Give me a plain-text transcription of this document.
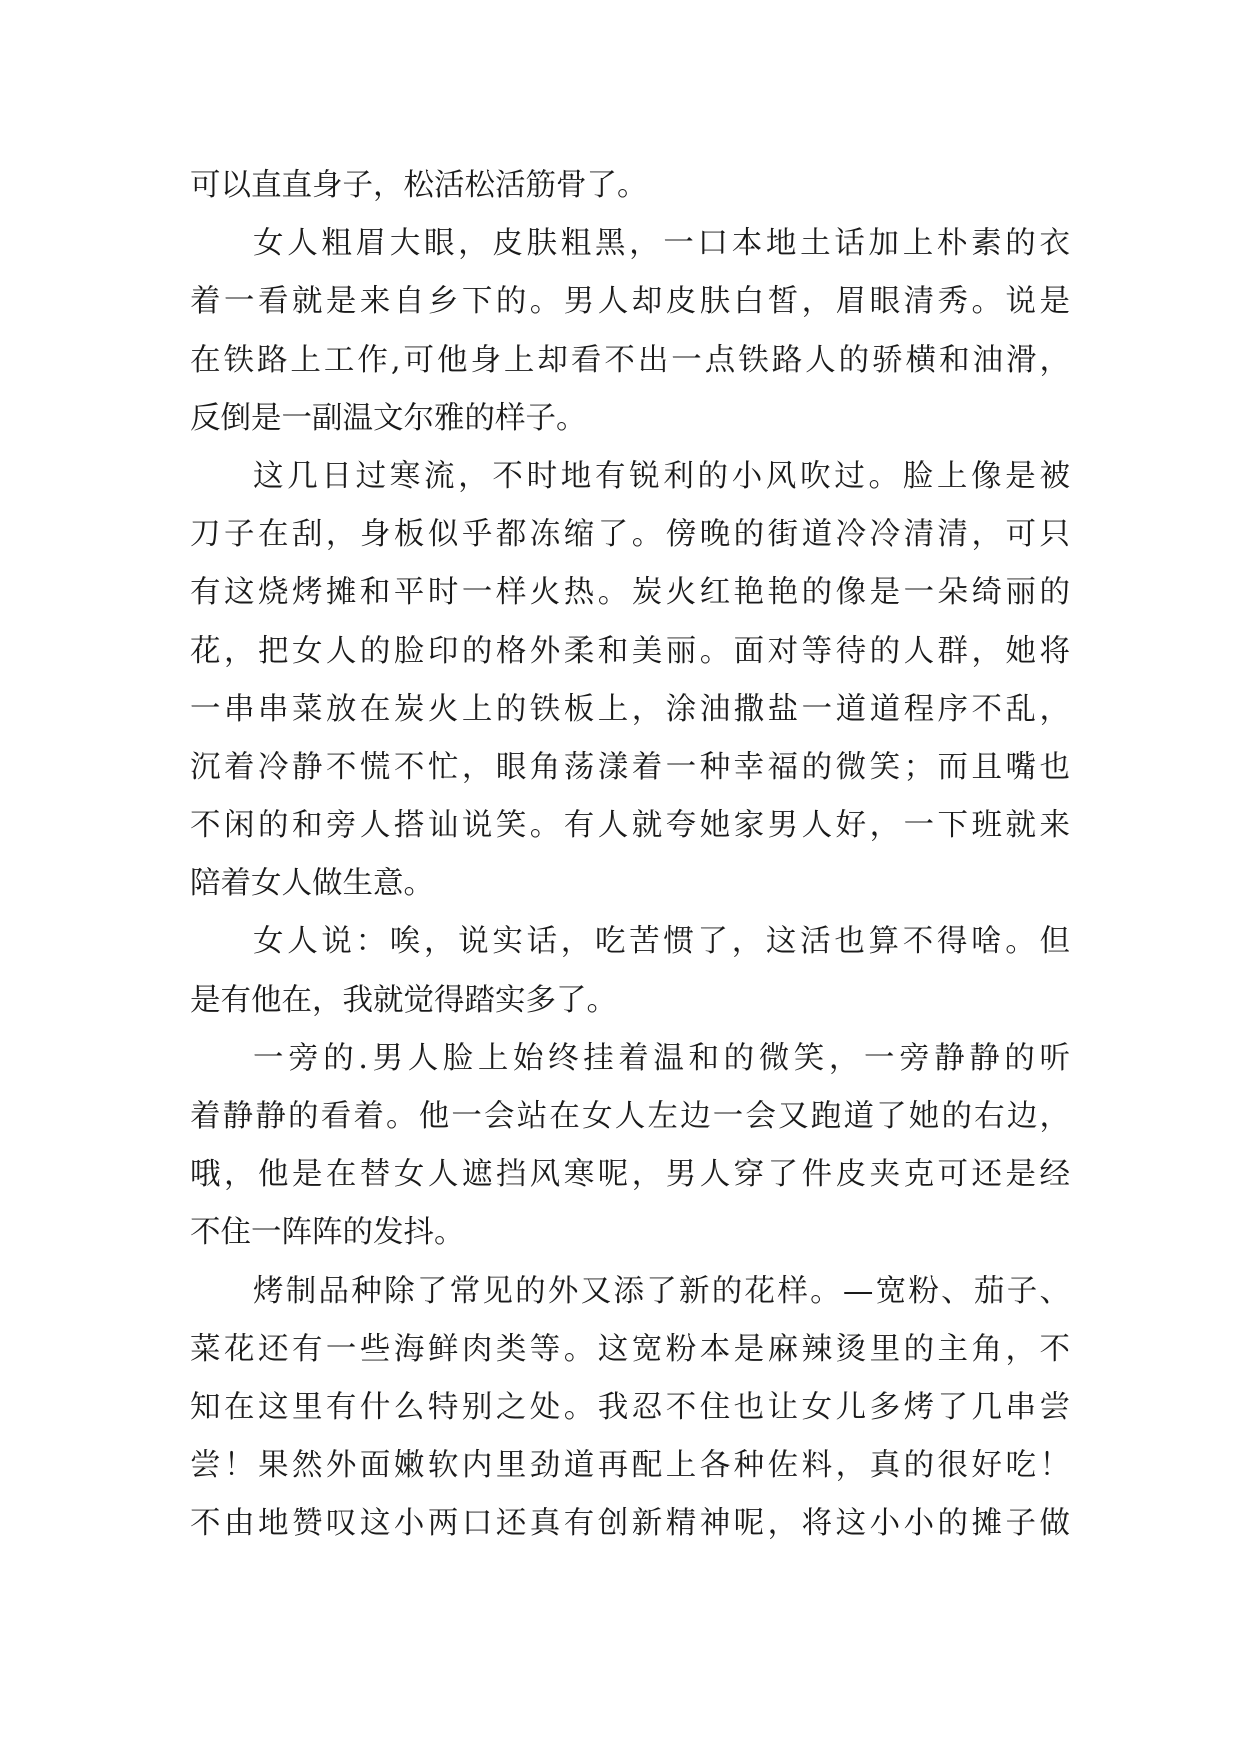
可以直直身子，松活松活筋骨了。
女人粗眉大眼，皮肤粗黑，一口本地土话加上朴素的衣
着一看就是来自乡下的。男人却皮肤白皙，眉眼清秀。说是
在铁路上工作,可他身上却看不出一点铁路人的骄横和油滑，
反倒是一副温文尔雅的样子。
这几日过寒流，不时地有锐利的小风吹过。脸上像是被
刀子在刮，身板似乎都冻缩了。傍晚的街道冷冷清清，可只
有这烧烤摊和平时一样火热。炭火红艳艳的像是一朵绮丽的
花，把女人的脸印的格外柔和美丽。面对等待的人群，她将
一串串菜放在炭火上的铁板上，涂油撒盐一道道程序不乱，
沉着冷静不慌不忙，眼角荡漾着一种幸福的微笑；而且嘴也
不闲的和旁人搭讪说笑。有人就夸她家男人好，一下班就来
陪着女人做生意。
女人说：唉，说实话，吃苦惯了，这活也算不得啥。但
是有他在，我就觉得踏实多了。
一旁的.男人脸上始终挂着温和的微笑，一旁静静的听
着静静的看着。他一会站在女人左边一会又跑道了她的右边，
哦，他是在替女人遮挡风寒呢，男人穿了件皮夹克可还是经
不住一阵阵的发抖。
烤制品种除了常见的外又添了新的花样。—宽粉、茄子、
菜花还有一些海鲜肉类等。这宽粉本是麻辣烫里的主角，不
知在这里有什么特别之处。我忍不住也让女儿多烤了几串尝
尝！果然外面嫩软内里劲道再配上各种佐料，真的很好吃！
不由地赞叹这小两口还真有创新精神呢，将这小小的摊子做
